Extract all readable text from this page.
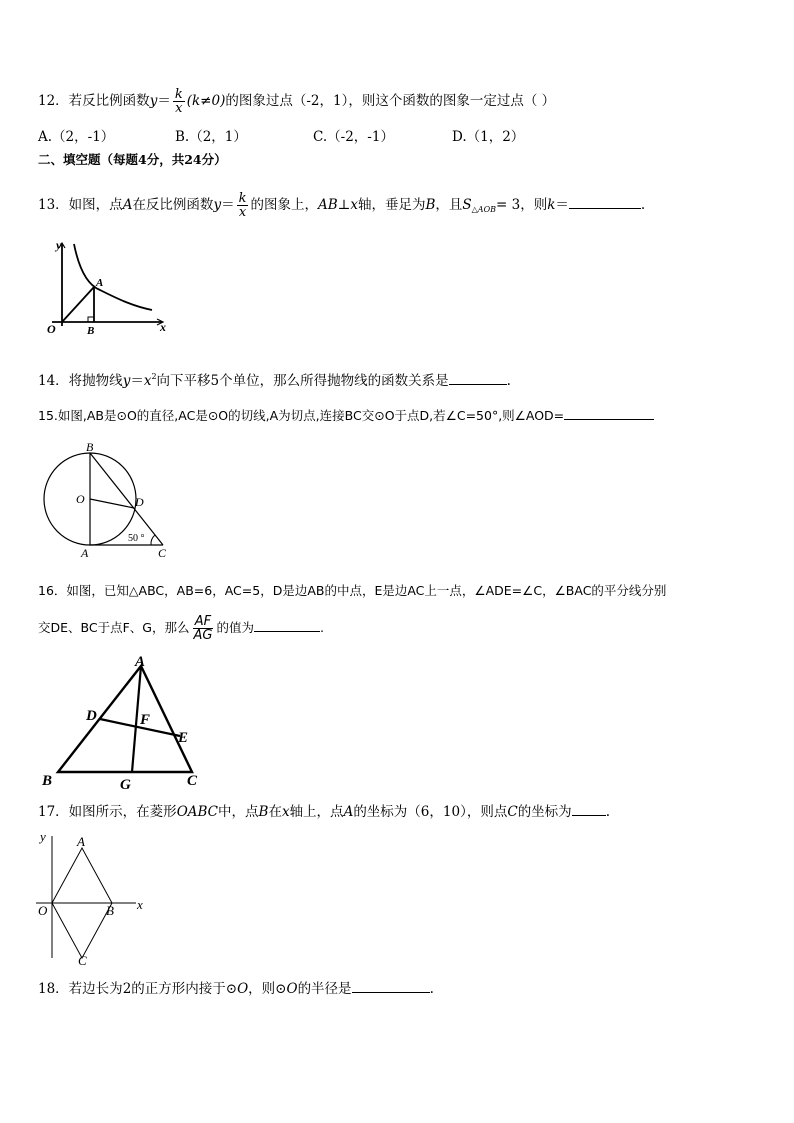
12．若反比例函数$y= \frac{k}{x} (k\ne 0)$的图象过点（-2，1），则这个函数的图象一定过点（ ）
A.（2，-1）	B.（2，1）	C.（-2，-1）	D.（1，2）
二、填空题（每题4分，共24分）
13．如图，点A在反比例函数$y= \frac{k}{x}$ 的图象上，AB⊥x轴，垂足为B，且$S_{\triangle AOB}= 3$，则k＝	.
y
x
O
A
B
14．将抛物线$y=x^2$向下平移5个单位，那么所得抛物线的函数关系是	.
15.如图,AB是⊙O的直径,AC是⊙O的切线,A为切点,连接BC交⊙O于点D,若∠C=50°,则∠AOD=
B
O	D
A	C
50 °
16．如图，已知△ABC，AB=6，AC=5，D是边AB的中点，E是边AC上一点，∠ADE=∠C，∠BAC的平分线分别
交DE、BC于点F、G，那么 $\frac{AF}{AG}$ 的值为	.
A
B	C
D
E
F
G
17．如图所示，在菱形OABC中，点B在x轴上，点A的坐标为（6，10），则点C的坐标为	.
y
x
O
A
B
C
18．若边长为2的正方形内接于⊙O，则⊙O的半径是	.
